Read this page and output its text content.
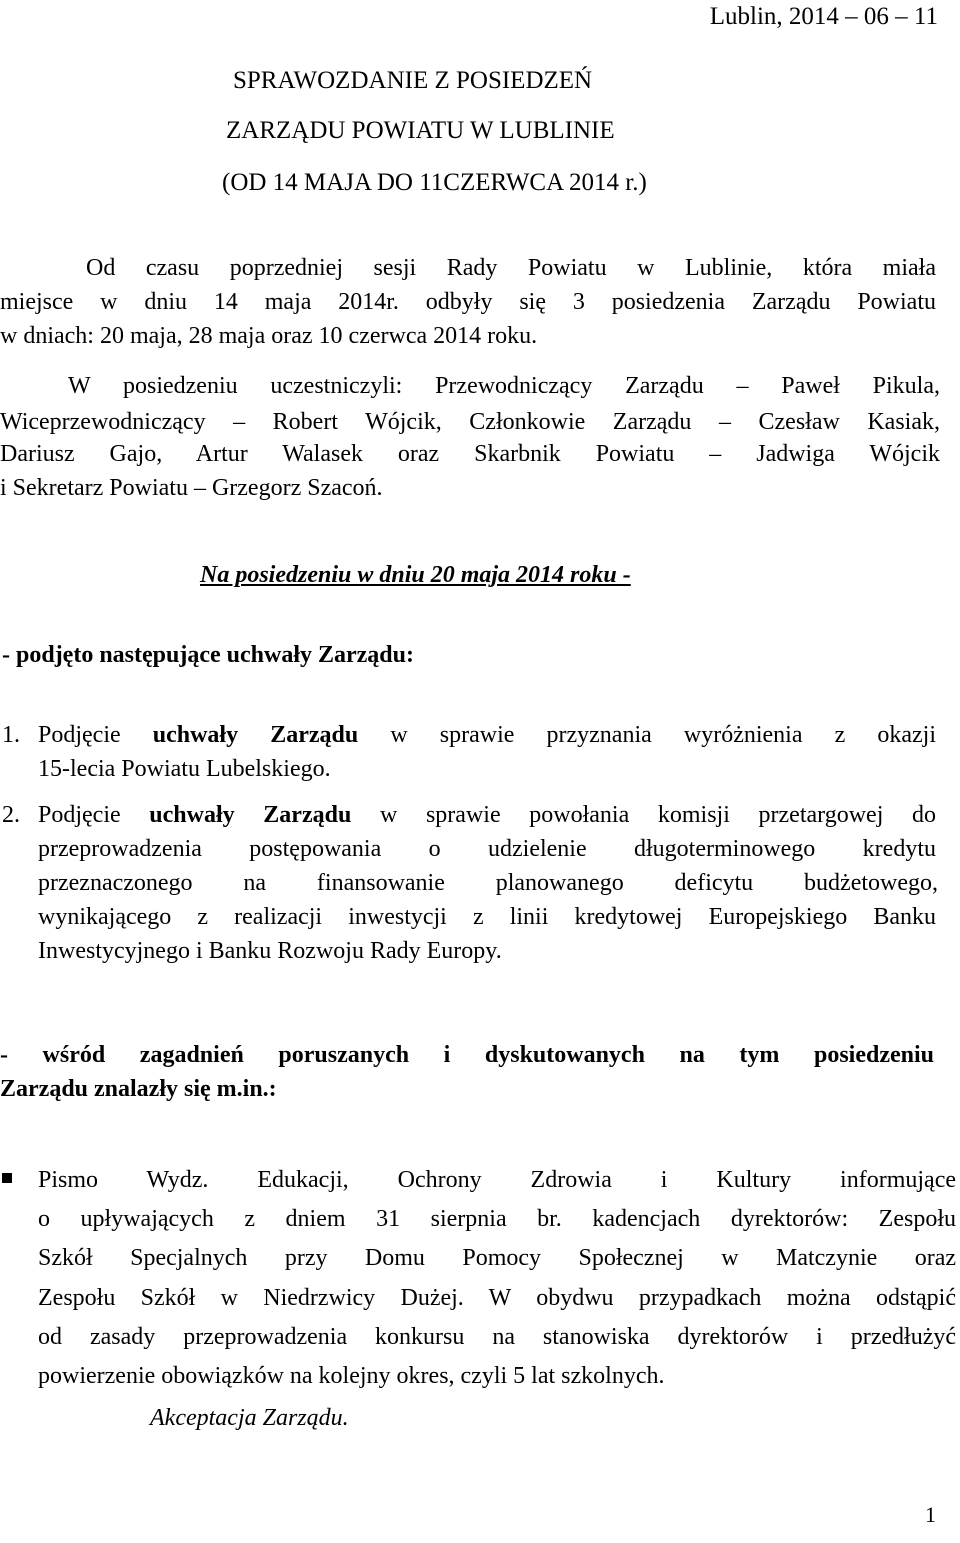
Lublin, 2014 – 06 – 11
SPRAWOZDANIE Z POSIEDZEŃ
ZARZĄDU POWIATU W LUBLINIE
(OD 14 MAJA DO 11CZERWCA 2014 r.)
Od czasu poprzedniej sesji Rady Powiatu w Lublinie, która miała
miejsce w dniu 14 maja 2014r. odbyły się 3 posiedzenia Zarządu Powiatu
w dniach: 20 maja, 28 maja oraz 10 czerwca 2014 roku.
W posiedzeniu uczestniczyli: Przewodniczący Zarządu – Paweł Pikula,
Wiceprzewodniczący – Robert Wójcik, Członkowie Zarządu – Czesław Kasiak,
Dariusz Gajo, Artur Walasek oraz Skarbnik Powiatu – Jadwiga Wójcik
i Sekretarz Powiatu – Grzegorz Szacoń.
Na posiedzeniu w dniu 20 maja 2014 roku -
- podjęto następujące uchwały Zarządu:
1. Podjęcie uchwały Zarządu w sprawie przyznania wyróżnienia z okazji
15-lecia Powiatu Lubelskiego.
2. Podjęcie uchwały Zarządu w sprawie powołania komisji przetargowej do
przeprowadzenia postępowania o udzielenie długoterminowego kredytu
przeznaczonego na finansowanie planowanego deficytu budżetowego,
wynikającego z realizacji inwestycji z linii kredytowej Europejskiego Banku
Inwestycyjnego i Banku Rozwoju Rady Europy.
- wśród zagadnień poruszanych i dyskutowanych na tym posiedzeniu
Zarządu znalazły się m.in.:
Pismo Wydz. Edukacji, Ochrony Zdrowia i Kultury informujące
o upływających z dniem 31 sierpnia br. kadencjach dyrektorów: Zespołu
Szkół Specjalnych przy Domu Pomocy Społecznej w Matczynie oraz
Zespołu Szkół w Niedrzwicy Dużej. W obydwu przypadkach można odstąpić
od zasady przeprowadzenia konkursu na stanowiska dyrektorów i przedłużyć
powierzenie obowiązków na kolejny okres, czyli 5 lat szkolnych.
Akceptacja Zarządu.
1
